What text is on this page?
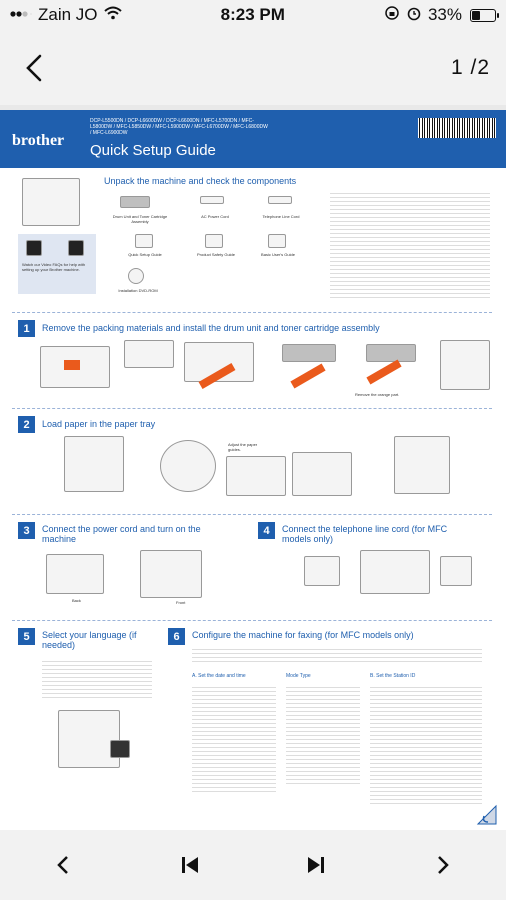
Zain JO	8:23 PM	33%
1 /2
brother
DCP-L5500DN / DCP-L6600DW / DCP-L6600DN / MFC-L5700DN / MFC-L5800DW / MFC-L5850DW / MFC-L5900DW / MFC-L6700DW / MFC-L6800DW / MFC-L6900DW
Quick Setup Guide
Unpack the machine and check the components
Drum Unit and Toner Cartridge Assembly
AC Power Cord	Telephone Line Cord
Quick Setup Guide	Product Safety Guide	Basic User's Guide
Installation DVD-ROM
Watch our Video FAQs for help with setting up your Brother machine.
1	Remove the packing materials and install the drum unit and toner cartridge assembly
Remove the orange part.
2	Load paper in the paper tray
Adjust the paper guides.
3	Connect the power cord and turn on the machine
Back	Front
4	Connect the telephone line cord (for MFC models only)
5	Select your language (if needed)
6	Configure the machine for faxing (for MFC models only)
A. Set the date and time	Mode Type	B. Set the Station ID
